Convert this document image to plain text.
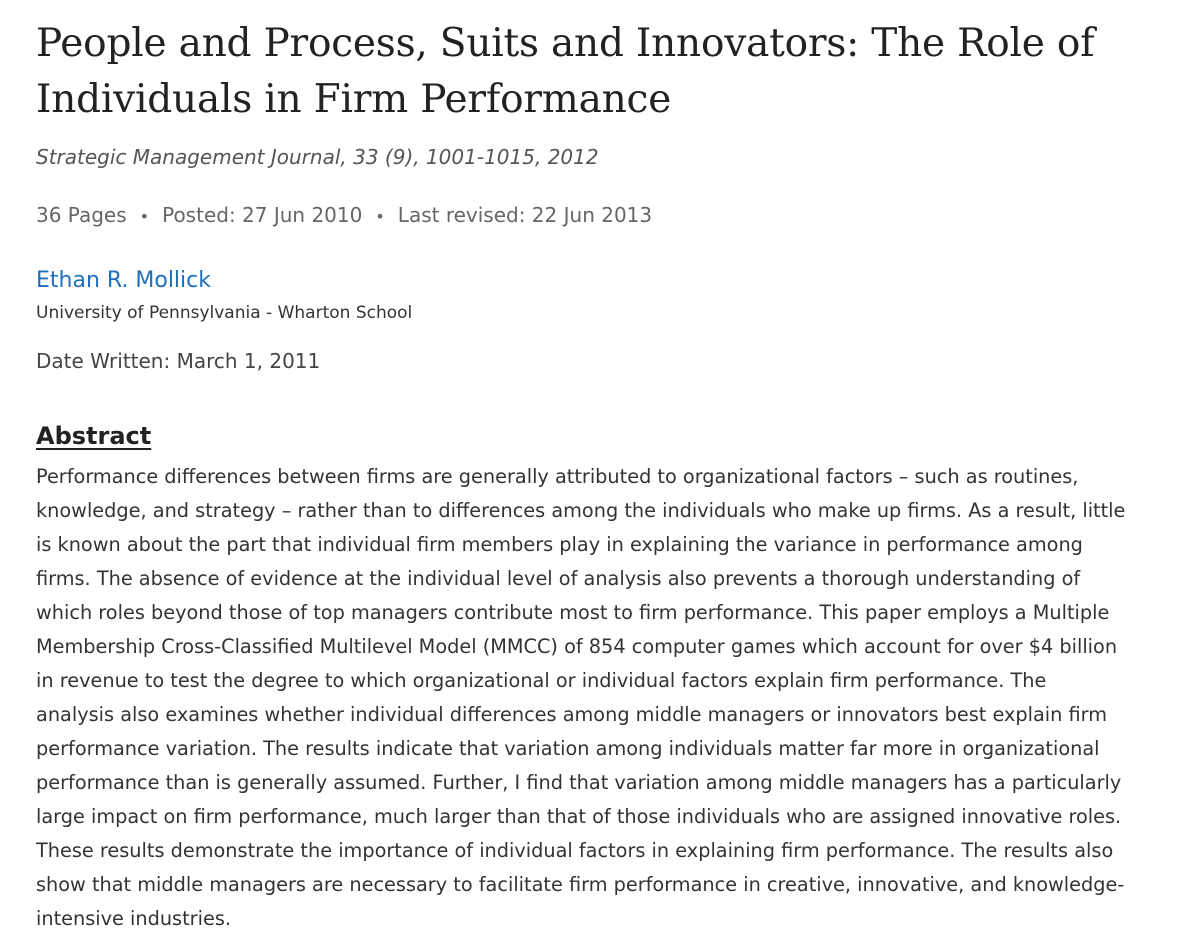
People and Process, Suits and Innovators: The Role of Individuals in Firm Performance
Strategic Management Journal, 33 (9), 1001-1015, 2012
36 Pages • Posted: 27 Jun 2010 • Last revised: 22 Jun 2013
Ethan R. Mollick
University of Pennsylvania - Wharton School
Date Written: March 1, 2011
Abstract
Performance differences between firms are generally attributed to organizational factors – such as routines, knowledge, and strategy – rather than to differences among the individuals who make up firms. As a result, little is known about the part that individual firm members play in explaining the variance in performance among firms. The absence of evidence at the individual level of analysis also prevents a thorough understanding of which roles beyond those of top managers contribute most to firm performance. This paper employs a Multiple Membership Cross-Classified Multilevel Model (MMCC) of 854 computer games which account for over $4 billion in revenue to test the degree to which organizational or individual factors explain firm performance. The analysis also examines whether individual differences among middle managers or innovators best explain firm performance variation. The results indicate that variation among individuals matter far more in organizational performance than is generally assumed. Further, I find that variation among middle managers has a particularly large impact on firm performance, much larger than that of those individuals who are assigned innovative roles. These results demonstrate the importance of individual factors in explaining firm performance. The results also show that middle managers are necessary to facilitate firm performance in creative, innovative, and knowledge-intensive industries.
